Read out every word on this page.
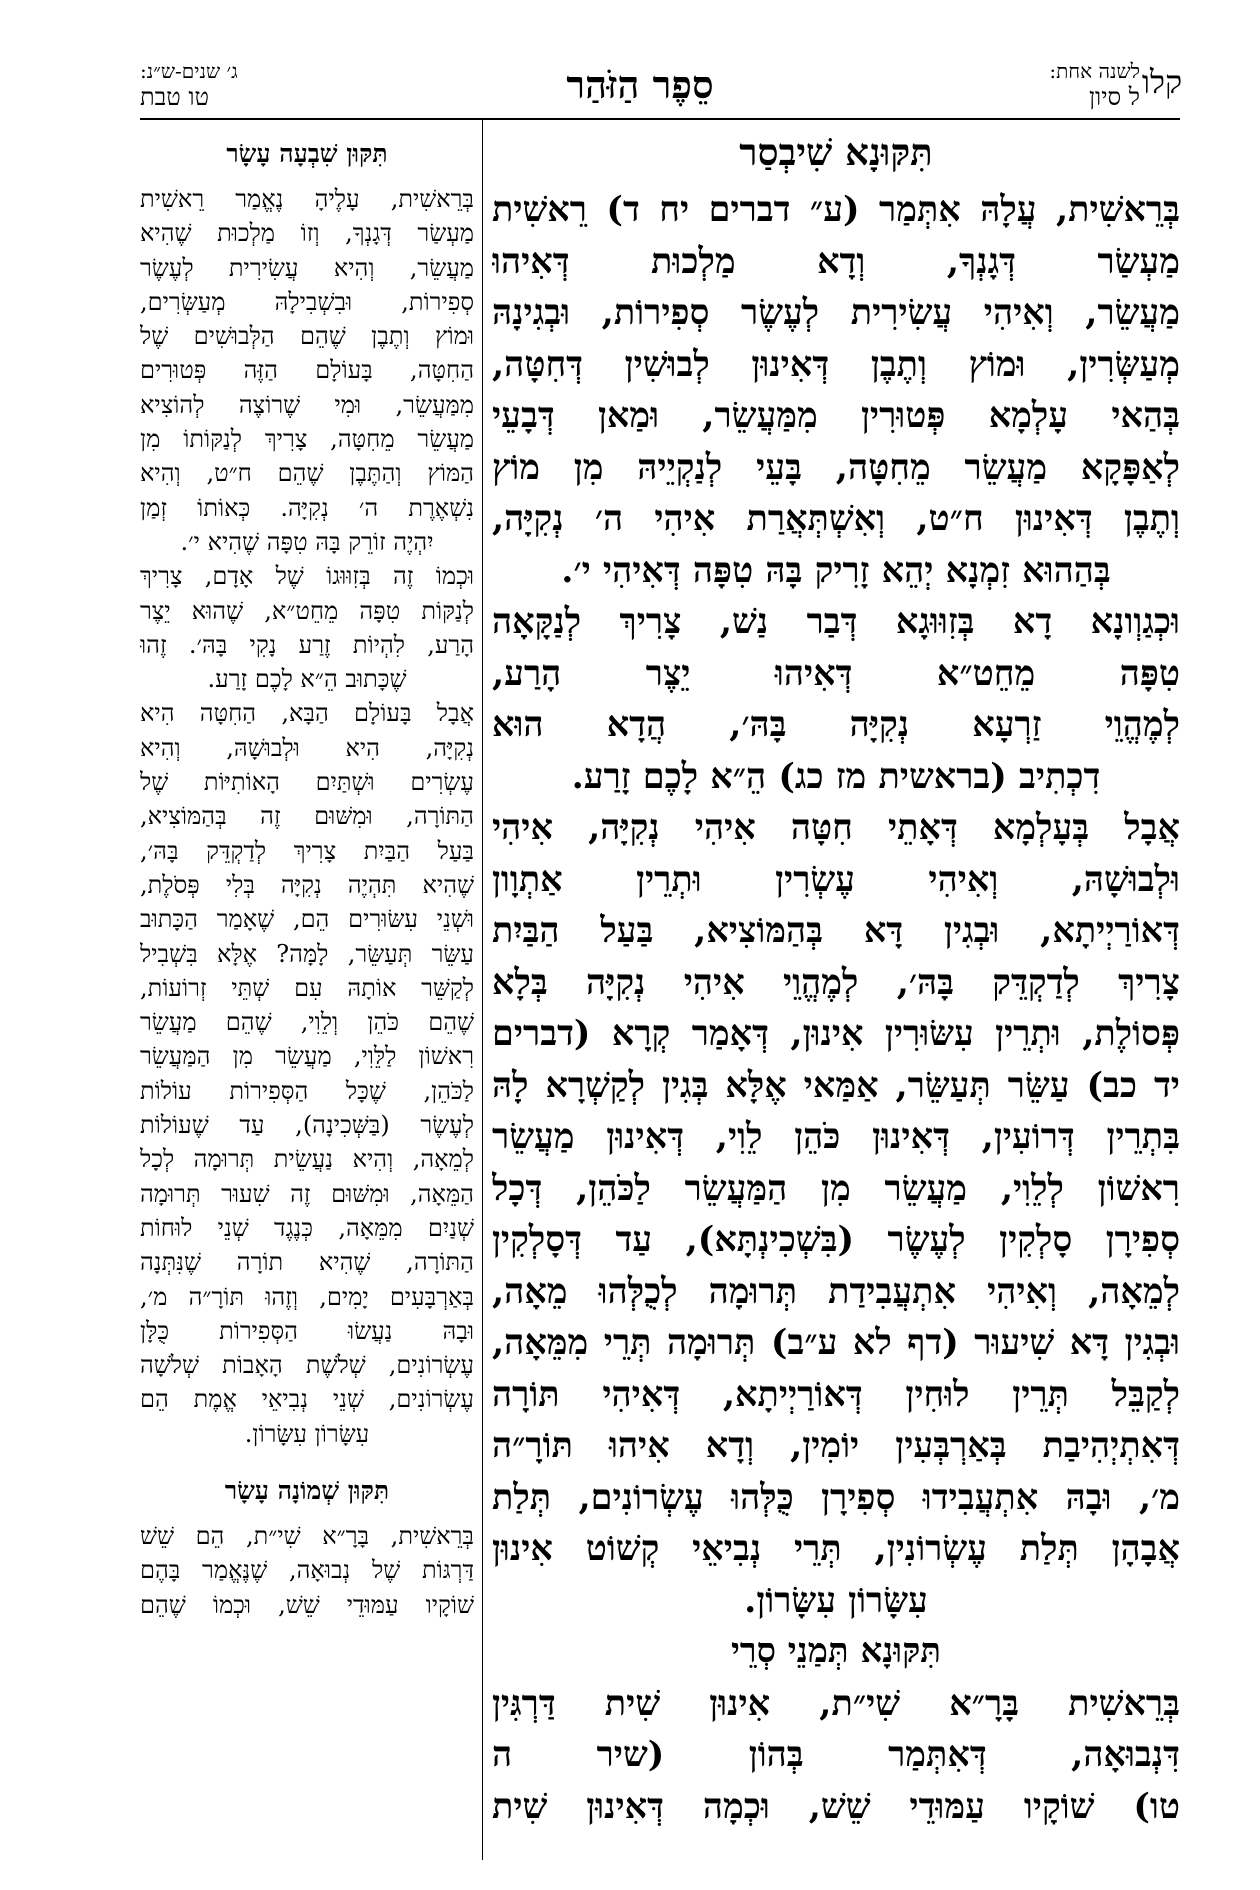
קלו
לשנה אחת:
ל סיון
סֵפֶר הַזֹּהַר
ג׳ שנים-ש״נ:
טו טבת
תִּקּוּנָא שִׁיבְסַר
בְּרֵאשִׁית, עֲלָהּ אִתְּמַר (ע״ דברים יח ד) רֵאשִׁית
מַעְשַׂר דְּגָנְךָ, וְדָא מַלְכוּת דְּאִיהוּ
מַעֲשֵׂר, וְאִיהִי עֲשִׂירִית לְעֶשֶׂר סְפִירוֹת, וּבְגִינָהּ
מְעַשְּׂרִין, וּמוֹץ וְתֶבֶן דְּאִינוּן לְבוּשִׁין דְּחִטָּה,
בְּהַאי עָלְמָא פְּטוּרִין מִמַּעֲשֵׂר, וּמַאן דְּבָעֵי
לְאַפָּקָא מַעֲשֵׂר מֵחִטָּה, בָּעֵי לְנַקְיֵיהּ מִן מוֹץ
וְתֶבֶן דְּאִינוּן ח״ט, וְאִשְׁתְּאֲרַת אִיהִי ה׳ נְקִיָּה,
בְּהַהוּא זִמְנָא יְהֵא זָרִיק בָּהּ טִפָּה דְּאִיהִי י׳.
וּכְגַוְונָא דָא בְּזִוּוּגָא דְּבַר נַשׁ, צָרִיךְ לְנַקָּאָה
טִפָּה מֵחֵט״א דְּאִיהוּ יֵצֶר הָרַע,
לְמֶהֱוֵי זַרְעָא נְקִיָּה בָּהּ׳, הֲדָא הוּא
דִכְתִיב (בראשית מז כג) הֵ״א לָכֶם זָרַע.
אֲבָל בְּעָלְמָא דְּאָתֵי חִטָּה אִיהִי נְקִיָּה, אִיהִי
וּלְבוּשָׁהּ, וְאִיהִי עֶשְׂרִין וּתְרֵין אַתְוָון
דְּאוֹרַיְיתָא, וּבְגִין דָּא בְּהַמּוֹצִיא, בַּעַל הַבַּיִת
צָרִיךְ לְדַקְדֵּק בָּהּ׳, לְמֶהֱוֵי אִיהִי נְקִיָּה בְּלָא
פְּסוֹלֶת, וּתְרֵין עִשּׂוּרִין אִינוּן, דְּאָמַר קְרָא (דברים
יד כב) עַשֵּׂר תְּעַשֵּׂר, אַמַּאי אֶלָּא בְּגִין לְקַשְׁרָא לָהּ
בִּתְרֵין דְּרוֹעִין, דְּאִינוּן כֹּהֵן לֵוִי, דְּאִינוּן מַעֲשֵׂר
רִאשׁוֹן לְלֵוִי, מַעֲשֵׂר מִן הַמַּעֲשֵׂר לַכֹּהֵן, דְּכָל
סְפִירָן סָלְקִין לְעֶשֶׂר (בִּשְׁכִינְתָּא), עַד דְּסָלְקִין
לְמֵאָה, וְאִיהִי אִתְעֲבִידַת תְּרוּמָה לְכֻלְּהוּ מֵאָה,
וּבְגִין דָּא שִׁיעוּר (דף לא ע״ב) תְּרוּמָה תְּרֵי מִמֵּאָה,
לְקַבֵּל תְּרֵין לוּחִין דְּאוֹרַיְיתָא, דְּאִיהִי תּוֹרָה
דְּאִתְיְהִיבַת בְּאַרְבְּעִין יוֹמִין, וְדָא אִיהוּ תּוֹרָ״ה
מ׳, וּבָהּ אִתְעֲבִידוּ סְפִירָן כֻּלְּהוּ עֶשְׂרוֹנִים, תְּלַת
אֲבָהָן תְּלַת עֶשְׂרוֹנִין, תְּרֵי נְבִיאֵי קְשׁוֹט אִינוּן
עִשָּׂרוֹן עִשָּׂרוֹן.
תִּקּוּנָא תְּמַנֵי סְרֵי
בְּרֵאשִׁית בָּרָ״א שִׁי״ת, אִינוּן שִׁית דַּרְגִּין
דִּנְבוּאָה, דְּאִתְּמַר בְּהוֹן (שיר ה
טו) שׁוֹקָיו עַמּוּדֵי שֵׁשׁ, וּכְמָה דְּאִינוּן שִׁית
תִּקּוּן שִׁבְעָה עָשָׂר
בְּרֵאשִׁית, עָלֶיהָ נֶאֱמַר רֵאשִׁית
מַעְשַׂר דְּגָנְךָ, וְזוֹ מַלְכוּת שֶׁהִיא
מַעֲשֵׂר, וְהִיא עֲשִׂירִית לְעֶשֶׂר
סְפִירוֹת, וּבִשְׁבִילָהּ מְעַשְּׂרִים,
וּמוֹץ וְתֶבֶן שֶׁהֵם הַלְּבוּשִׁים שֶׁל
הַחִטָּה, בָּעוֹלָם הַזֶּה פְּטוּרִים
מִמַּעֲשֵׂר, וּמִי שֶׁרוֹצֶה לְהוֹצִיא
מַעֲשֵׂר מֵחִטָּה, צָרִיךְ לְנַקּוֹתוֹ מִן
הַמּוֹץ וְהַתֶּבֶן שֶׁהֵם ח״ט, וְהִיא
נִשְׁאֶרֶת ה׳ נְקִיָּה. כְּאוֹתוֹ זְמַן
יִהְיֶה זוֹרֵק בָּהּ טִפָּה שֶׁהִיא י׳.
וּכְמוֹ זֶה בְּזִוּוּגוֹ שֶׁל אָדָם, צָרִיךְ
לְנַקּוֹת טִפָּה מֵחֵט״א, שֶׁהוּא יֵצֶר
הָרַע, לִהְיוֹת זֶרַע נָקִי בָּהּ׳. זֶהוּ
שֶׁכָּתוּב הֵ״א לָכֶם זָרַע.
אֲבָל בָּעוֹלָם הַבָּא, הַחִטָּה הִיא
נְקִיָּה, הִיא וּלְבוּשָׁהּ, וְהִיא
עֶשְׂרִים וּשְׁתַּיִם הָאוֹתִיּוֹת שֶׁל
הַתּוֹרָה, וּמִשּׁוּם זֶה בְּהַמּוֹצִיא,
בַּעַל הַבַּיִת צָרִיךְ לְדַקְדֵּק בָּהּ׳,
שֶׁהִיא תִּהְיֶה נְקִיָּה בְּלִי פְּסֹלֶת,
וּשְׁנֵי עִשּׂוּרִים הֵם, שֶׁאָמַר הַכָּתוּב
עַשֵּׂר תְּעַשֵּׂר, לָמָּה? אֶלָּא בִּשְׁבִיל
לְקַשֵּׁר אוֹתָהּ עִם שְׁתֵּי זְרוֹעוֹת,
שֶׁהֵם כֹּהֵן וְלֵוִי, שֶׁהֵם מַעֲשֵׂר
רִאשׁוֹן לַלֵּוִי, מַעֲשֵׂר מִן הַמַּעֲשֵׂר
לַכֹּהֵן, שֶׁכָּל הַסְּפִירוֹת עוֹלוֹת
לְעֶשֶׂר (בַּשְּׁכִינָה), עַד שֶׁעוֹלוֹת
לְמֵאָה, וְהִיא נַעֲשֵׂית תְּרוּמָה לְכָל
הַמֵּאָה, וּמִשּׁוּם זֶה שִׁעוּר תְּרוּמָה
שְׁנַיִם מִמֵּאָה, כְּנֶגֶד שְׁנֵי לוּחוֹת
הַתּוֹרָה, שֶׁהִיא תוֹרָה שֶׁנִּתְּנָה
בְּאַרְבָּעִים יָמִים, וְזֶהוּ תּוֹרָ״ה מ׳,
וּבָהּ נַעֲשׂוּ הַסְּפִירוֹת כֻּלָּן
עֶשְׂרוֹנִים, שְׁלֹשֶׁת הָאָבוֹת שְׁלֹשָׁה
עֶשְׂרוֹנִים, שְׁנֵי נְבִיאֵי אֱמֶת הֵם
עִשָּׂרוֹן עִשָּׂרוֹן.
תִּקּוּן שְׁמוֹנָה עָשָׂר
בְּרֵאשִׁית, בָּרָ״א שִׁי״ת, הֵם שֵׁשׁ
דַּרְגּוֹת שֶׁל נְבוּאָה, שֶׁנֶּאֱמַר בָּהֶם
שׁוֹקָיו עַמּוּדֵי שֵׁשׁ, וּכְמוֹ שֶׁהֵם
